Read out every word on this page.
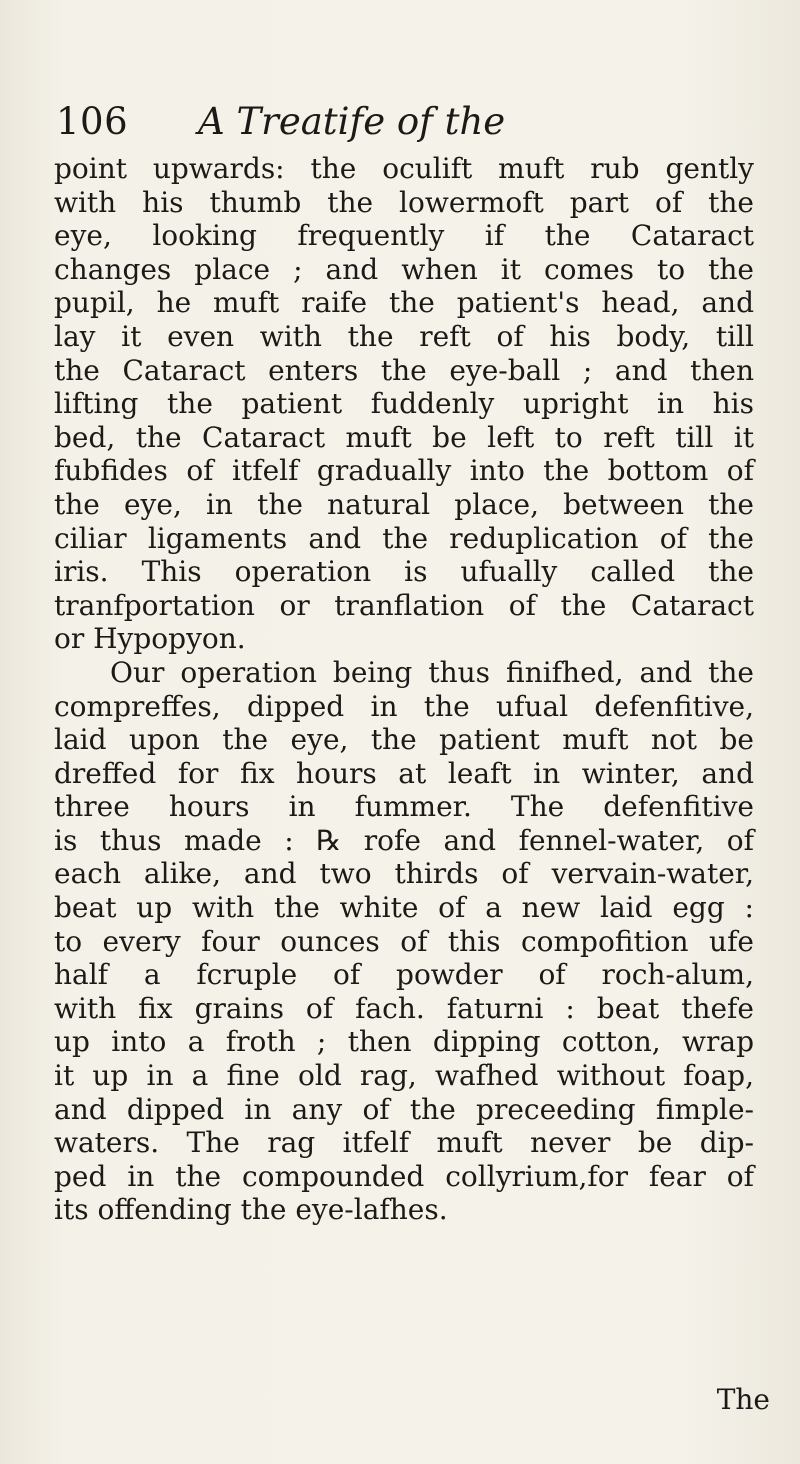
106 A Treatife of the
point upwards: the oculift muft rub gently
with his thumb the lowermoft part of the
eye, looking frequently if the Cataract
changes place ; and when it comes to the
pupil, he muft raife the patient's head, and
lay it even with the reft of his body, till
the Cataract enters the eye-ball ; and then
lifting the patient fuddenly upright in his
bed, the Cataract muft be left to reft till it
fubfides of itfelf gradually into the bottom of
the eye, in the natural place, between the
ciliar ligaments and the reduplication of the
iris. This operation is ufually called the
tranfportation or tranflation of the Cataract
or Hypopyon.
Our operation being thus finifhed, and the
compreffes, dipped in the ufual defenfitive,
laid upon the eye, the patient muft not be
dreffed for fix hours at leaft in winter, and
three hours in fummer. The defenfitive
is thus made : ℞ rofe and fennel-water, of
each alike, and two thirds of vervain-water,
beat up with the white of a new laid egg :
to every four ounces of this compofition ufe
half a fcruple of powder of roch-alum,
with fix grains of fach. faturni : beat thefe
up into a froth ; then dipping cotton, wrap
it up in a fine old rag, wafhed without foap,
and dipped in any of the preceeding fimple-
waters. The rag itfelf muft never be dip-
ped in the compounded collyrium,for fear of
its offending the eye-lafhes.
The
